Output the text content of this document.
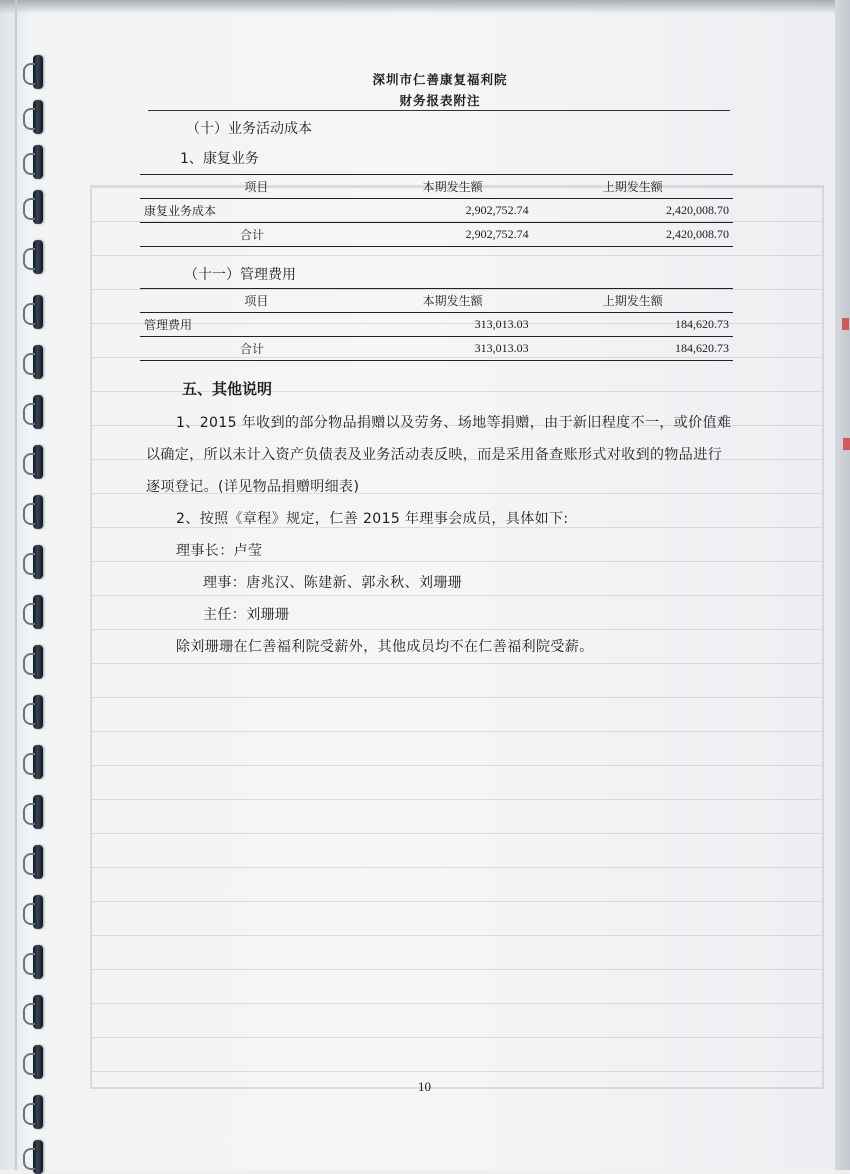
深圳市仁善康复福利院
财务报表附注
（十）业务活动成本
1、康复业务
项目	本期发生额	上期发生额
康复业务成本	2,902,752.74	2,420,008.70
合计	2,902,752.74	2,420,008.70
（十一）管理费用
项目	本期发生额	上期发生额
管理费用	313,013.03	184,620.73
合计	313,013.03	184,620.73
五、其他说明
1、2015 年收到的部分物品捐赠以及劳务、场地等捐赠，由于新旧程度不一，或价值难
以确定，所以未计入资产负债表及业务活动表反映，而是采用备查账形式对收到的物品进行
逐项登记。(详见物品捐赠明细表)
2、按照《章程》规定，仁善 2015 年理事会成员，具体如下:
理事长：卢莹
理事：唐兆汉、陈建新、郭永秋、刘珊珊
主任：刘珊珊
除刘珊珊在仁善福利院受薪外，其他成员均不在仁善福利院受薪。
10
